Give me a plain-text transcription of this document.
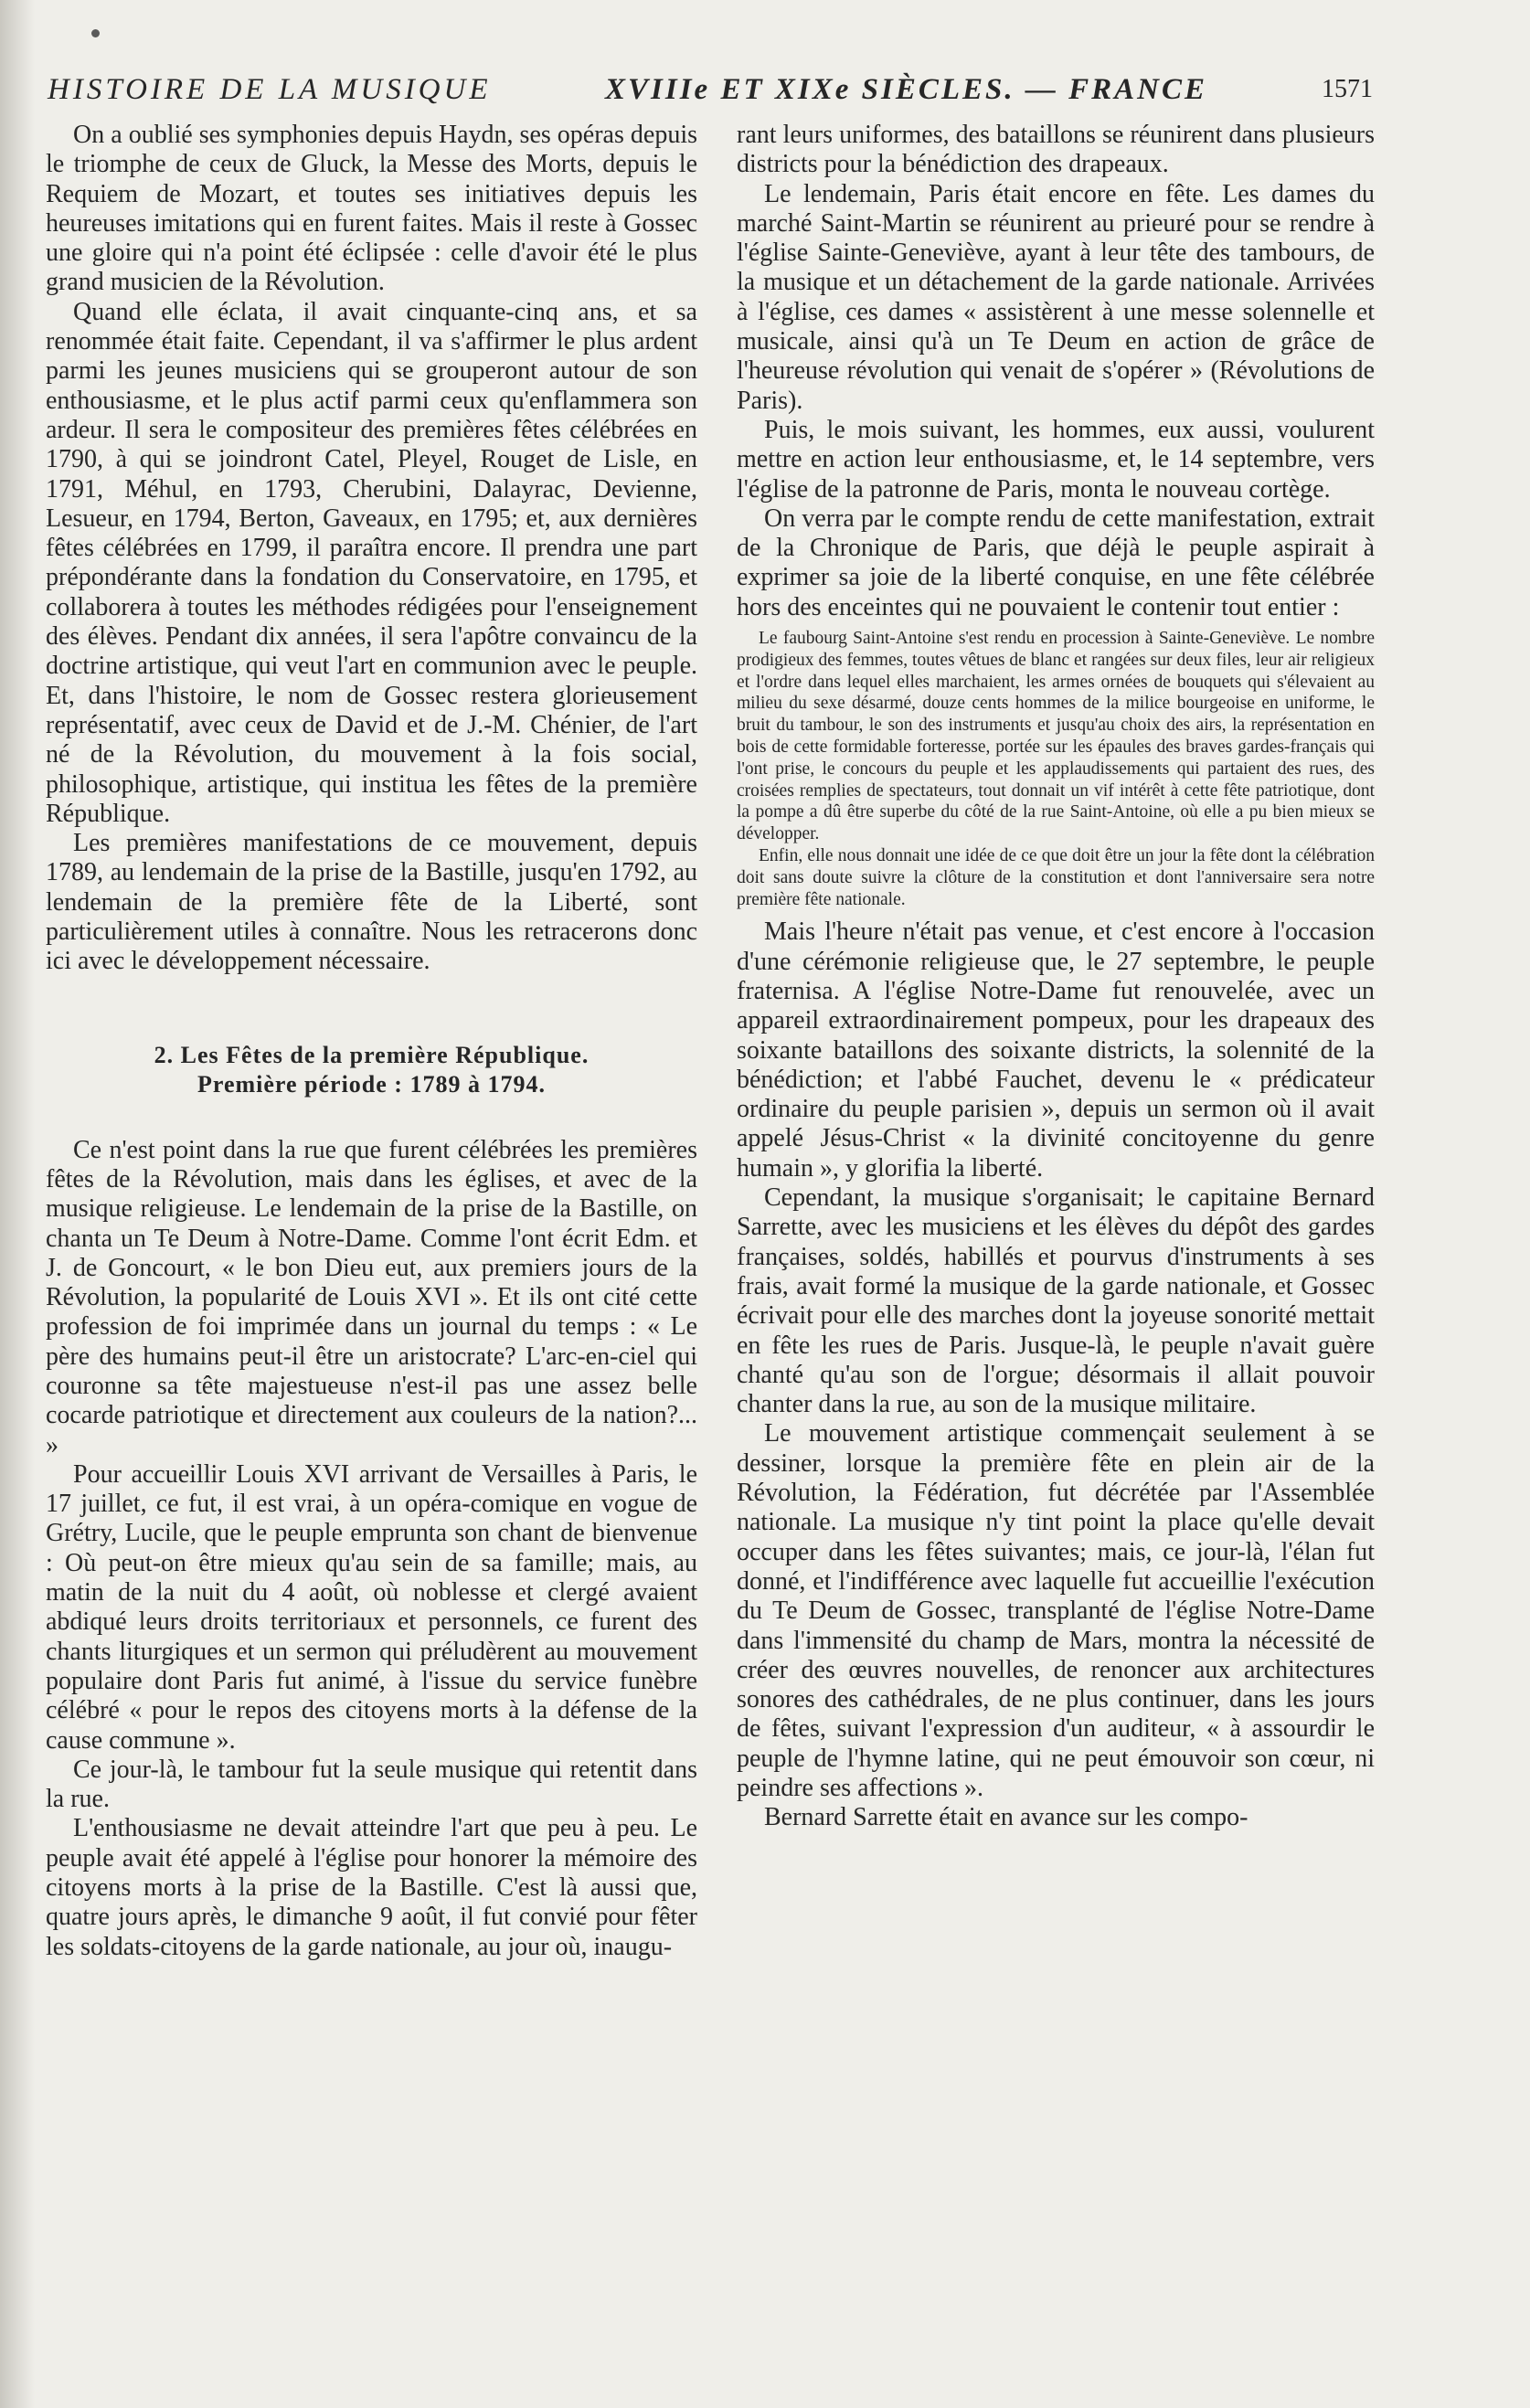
HISTOIRE DE LA MUSIQUE	XVIIIe ET XIXe SIÈCLES. — FRANCE	1571

On a oublié ses symphonies depuis Haydn, ses opéras depuis le triomphe de ceux de Gluck, la Messe des Morts, depuis le Requiem de Mozart, et toutes ses initiatives depuis les heureuses imitations qui en furent faites. Mais il reste à Gossec une gloire qui n'a point été éclipsée : celle d'avoir été le plus grand musicien de la Révolution.

Quand elle éclata, il avait cinquante-cinq ans, et sa renommée était faite. Cependant, il va s'affirmer le plus ardent parmi les jeunes musiciens qui se grouperont autour de son enthousiasme, et le plus actif parmi ceux qu'enflammera son ardeur. Il sera le compositeur des premières fêtes célébrées en 1790, à qui se joindront Catel, Pleyel, Rouget de Lisle, en 1791, Méhul, en 1793, Cherubini, Dalayrac, Devienne, Lesueur, en 1794, Berton, Gaveaux, en 1795; et, aux dernières fêtes célébrées en 1799, il paraîtra encore. Il prendra une part prépondérante dans la fondation du Conservatoire, en 1795, et collaborera à toutes les méthodes rédigées pour l'enseignement des élèves. Pendant dix années, il sera l'apôtre convaincu de la doctrine artistique, qui veut l'art en communion avec le peuple. Et, dans l'histoire, le nom de Gossec restera glorieusement représentatif, avec ceux de David et de J.-M. Chénier, de l'art né de la Révolution, du mouvement à la fois social, philosophique, artistique, qui institua les fêtes de la première République.

Les premières manifestations de ce mouvement, depuis 1789, au lendemain de la prise de la Bastille, jusqu'en 1792, au lendemain de la première fête de la Liberté, sont particulièrement utiles à connaître. Nous les retracerons donc ici avec le développement nécessaire.

2. Les Fêtes de la première République.
Première période : 1789 à 1794.

Ce n'est point dans la rue que furent célébrées les premières fêtes de la Révolution, mais dans les églises, et avec de la musique religieuse. Le lendemain de la prise de la Bastille, on chanta un Te Deum à Notre-Dame. Comme l'ont écrit Edm. et J. de Goncourt, « le bon Dieu eut, aux premiers jours de la Révolution, la popularité de Louis XVI ». Et ils ont cité cette profession de foi imprimée dans un journal du temps : « Le père des humains peut-il être un aristocrate? L'arc-en-ciel qui couronne sa tête majestueuse n'est-il pas une assez belle cocarde patriotique et directement aux couleurs de la nation?... »

Pour accueillir Louis XVI arrivant de Versailles à Paris, le 17 juillet, ce fut, il est vrai, à un opéra-comique en vogue de Grétry, Lucile, que le peuple emprunta son chant de bienvenue : Où peut-on être mieux qu'au sein de sa famille; mais, au matin de la nuit du 4 août, où noblesse et clergé avaient abdiqué leurs droits territoriaux et personnels, ce furent des chants liturgiques et un sermon qui préludèrent au mouvement populaire dont Paris fut animé, à l'issue du service funèbre célébré « pour le repos des citoyens morts à la défense de la cause commune ».

Ce jour-là, le tambour fut la seule musique qui retentit dans la rue.

L'enthousiasme ne devait atteindre l'art que peu à peu. Le peuple avait été appelé à l'église pour honorer la mémoire des citoyens morts à la prise de la Bastille. C'est là aussi que, quatre jours après, le dimanche 9 août, il fut convié pour fêter les soldats-citoyens de la garde nationale, au jour où, inaugu-

rant leurs uniformes, des bataillons se réunirent dans plusieurs districts pour la bénédiction des drapeaux.

Le lendemain, Paris était encore en fête. Les dames du marché Saint-Martin se réunirent au prieuré pour se rendre à l'église Sainte-Geneviève, ayant à leur tête des tambours, de la musique et un détachement de la garde nationale. Arrivées à l'église, ces dames « assistèrent à une messe solennelle et musicale, ainsi qu'à un Te Deum en action de grâce de l'heureuse révolution qui venait de s'opérer » (Révolutions de Paris).

Puis, le mois suivant, les hommes, eux aussi, voulurent mettre en action leur enthousiasme, et, le 14 septembre, vers l'église de la patronne de Paris, monta le nouveau cortège.

On verra par le compte rendu de cette manifestation, extrait de la Chronique de Paris, que déjà le peuple aspirait à exprimer sa joie de la liberté conquise, en une fête célébrée hors des enceintes qui ne pouvaient le contenir tout entier :

Le faubourg Saint-Antoine s'est rendu en procession à Sainte-Geneviève. Le nombre prodigieux des femmes, toutes vêtues de blanc et rangées sur deux files, leur air religieux et l'ordre dans lequel elles marchaient, les armes ornées de bouquets qui s'élevaient au milieu du sexe désarmé, douze cents hommes de la milice bourgeoise en uniforme, le bruit du tambour, le son des instruments et jusqu'au choix des airs, la représentation en bois de cette formidable forteresse, portée sur les épaules des braves gardes-français qui l'ont prise, le concours du peuple et les applaudissements qui partaient des rues, des croisées remplies de spectateurs, tout donnait un vif intérêt à cette fête patriotique, dont la pompe a dû être superbe du côté de la rue Saint-Antoine, où elle a pu bien mieux se développer.

Enfin, elle nous donnait une idée de ce que doit être un jour la fête dont la célébration doit sans doute suivre la clôture de la constitution et dont l'anniversaire sera notre première fête nationale.

Mais l'heure n'était pas venue, et c'est encore à l'occasion d'une cérémonie religieuse que, le 27 septembre, le peuple fraternisa. A l'église Notre-Dame fut renouvelée, avec un appareil extraordinairement pompeux, pour les drapeaux des soixante bataillons des soixante districts, la solennité de la bénédiction; et l'abbé Fauchet, devenu le « prédicateur ordinaire du peuple parisien », depuis un sermon où il avait appelé Jésus-Christ « la divinité concitoyenne du genre humain », y glorifia la liberté.

Cependant, la musique s'organisait; le capitaine Bernard Sarrette, avec les musiciens et les élèves du dépôt des gardes françaises, soldés, habillés et pourvus d'instruments à ses frais, avait formé la musique de la garde nationale, et Gossec écrivait pour elle des marches dont la joyeuse sonorité mettait en fête les rues de Paris. Jusque-là, le peuple n'avait guère chanté qu'au son de l'orgue; désormais il allait pouvoir chanter dans la rue, au son de la musique militaire.

Le mouvement artistique commençait seulement à se dessiner, lorsque la première fête en plein air de la Révolution, la Fédération, fut décrétée par l'Assemblée nationale. La musique n'y tint point la place qu'elle devait occuper dans les fêtes suivantes; mais, ce jour-là, l'élan fut donné, et l'indifférence avec laquelle fut accueillie l'exécution du Te Deum de Gossec, transplanté de l'église Notre-Dame dans l'immensité du champ de Mars, montra la nécessité de créer des œuvres nouvelles, de renoncer aux architectures sonores des cathédrales, de ne plus continuer, dans les jours de fêtes, suivant l'expression d'un auditeur, « à assourdir le peuple de l'hymne latine, qui ne peut émouvoir son cœur, ni peindre ses affections ».

Bernard Sarrette était en avance sur les compo-
